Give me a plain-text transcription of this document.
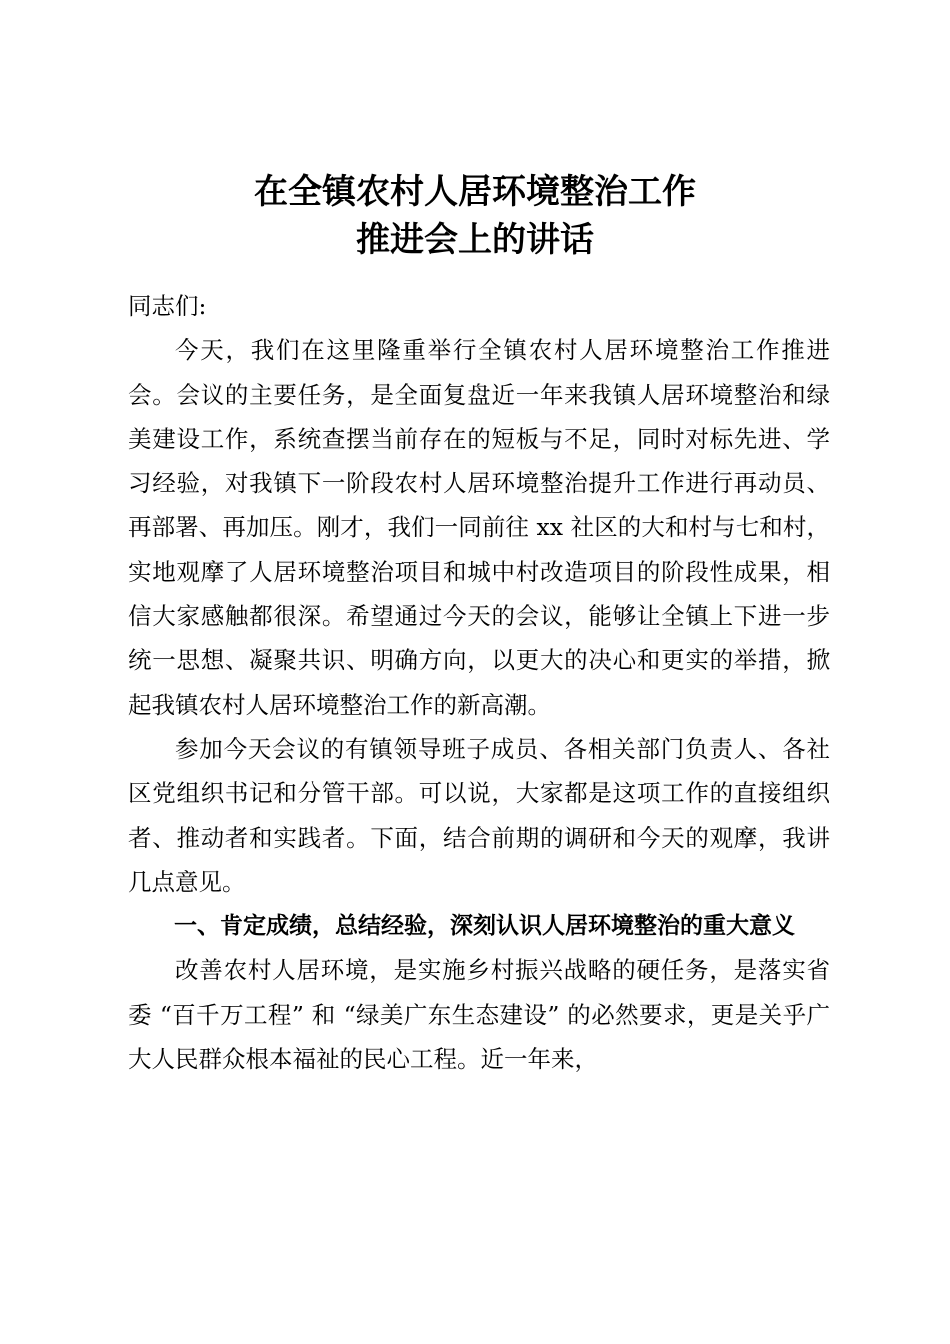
在全镇农村人居环境整治工作
推进会上的讲话

同志们:

今天，我们在这里隆重举行全镇农村人居环境整治工作推进会。会议的主要任务，是全面复盘近一年来我镇人居环境整治和绿美建设工作，系统查摆当前存在的短板与不足，同时对标先进、学习经验，对我镇下一阶段农村人居环境整治提升工作进行再动员、再部署、再加压。刚才，我们一同前往 xx 社区的大和村与七和村，实地观摩了人居环境整治项目和城中村改造项目的阶段性成果，相信大家感触都很深。希望通过今天的会议，能够让全镇上下进一步统一思想、凝聚共识、明确方向，以更大的决心和更实的举措，掀起我镇农村人居环境整治工作的新高潮。

参加今天会议的有镇领导班子成员、各相关部门负责人、各社区党组织书记和分管干部。可以说，大家都是这项工作的直接组织者、推动者和实践者。下面，结合前期的调研和今天的观摩，我讲几点意见。

一、肯定成绩，总结经验，深刻认识人居环境整治的重大意义

改善农村人居环境，是实施乡村振兴战略的硬任务，是落实省委 “百千万工程” 和 “绿美广东生态建设” 的必然要求，更是关乎广大人民群众根本福祉的民心工程。近一年来，
